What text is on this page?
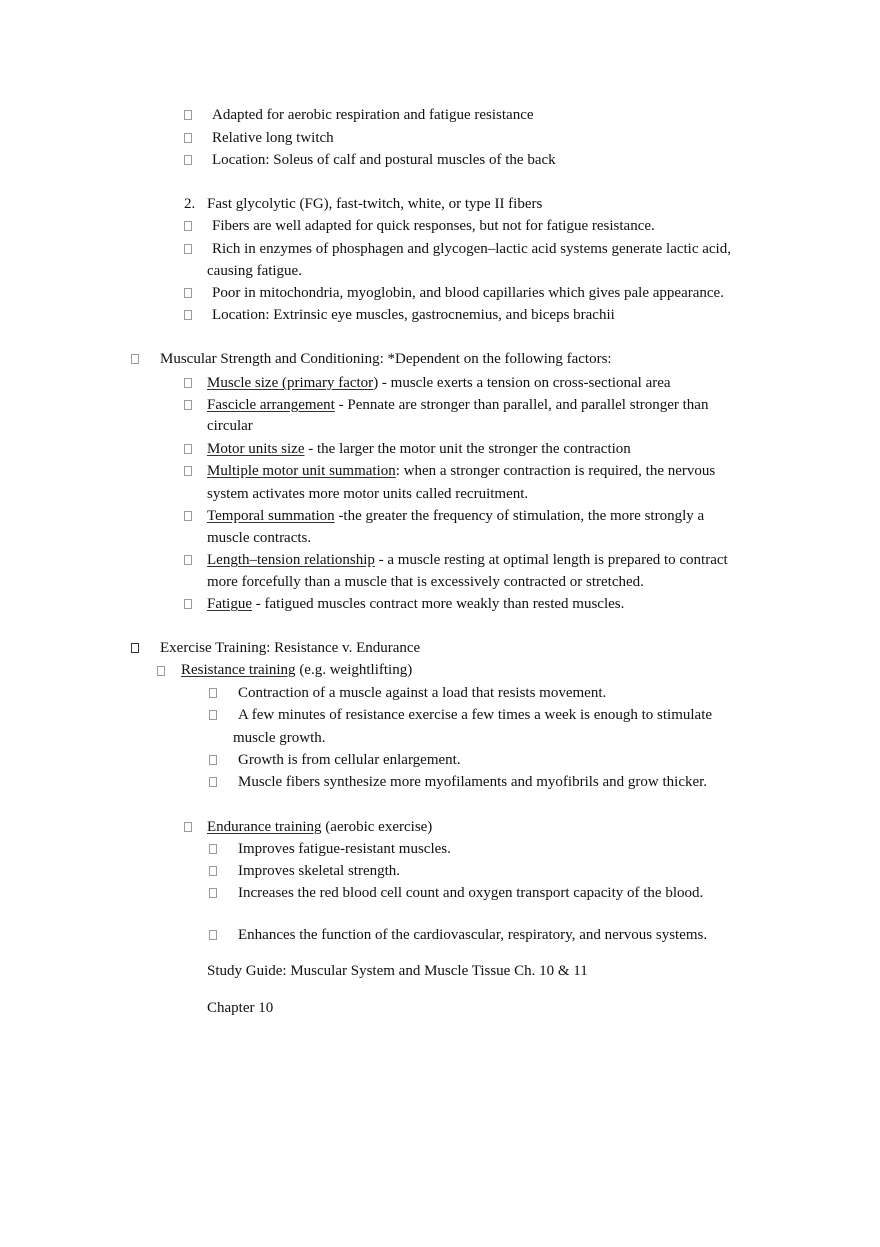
Adapted for aerobic respiration and fatigue resistance
Relative long twitch
Location: Soleus of calf and postural muscles of the back
2. Fast glycolytic (FG), fast-twitch, white, or type II fibers
Fibers are well adapted for quick responses, but not for fatigue resistance.
Rich in enzymes of phosphagen and glycogen–lactic acid systems generate lactic acid,
causing fatigue.
Poor in mitochondria, myoglobin, and blood capillaries which gives pale appearance.
Location: Extrinsic eye muscles, gastrocnemius, and biceps brachii
Muscular Strength and Conditioning: *Dependent on the following factors:
Muscle size (primary factor) - muscle exerts a tension on cross-sectional area
Fascicle arrangement - Pennate are stronger than parallel, and parallel stronger than
circular
Motor units size - the larger the motor unit the stronger the contraction
Multiple motor unit summation: when a stronger contraction is required, the nervous
system activates more motor units called recruitment.
Temporal summation -the greater the frequency of stimulation, the more strongly a
muscle contracts.
Length–tension relationship - a muscle resting at optimal length is prepared to contract
more forcefully than a muscle that is excessively contracted or stretched.
Fatigue - fatigued muscles contract more weakly than rested muscles.
Exercise Training: Resistance v. Endurance
Resistance training (e.g. weightlifting)
Contraction of a muscle against a load that resists movement.
A few minutes of resistance exercise a few times a week is enough to stimulate
muscle growth.
Growth is from cellular enlargement.
Muscle fibers synthesize more myofilaments and myofibrils and grow thicker.
Endurance training (aerobic exercise)
Improves fatigue-resistant muscles.
Improves skeletal strength.
Increases the red blood cell count and oxygen transport capacity of the blood.
Enhances the function of the cardiovascular, respiratory, and nervous systems.
Study Guide: Muscular System and Muscle Tissue Ch. 10 & 11
Chapter 10
